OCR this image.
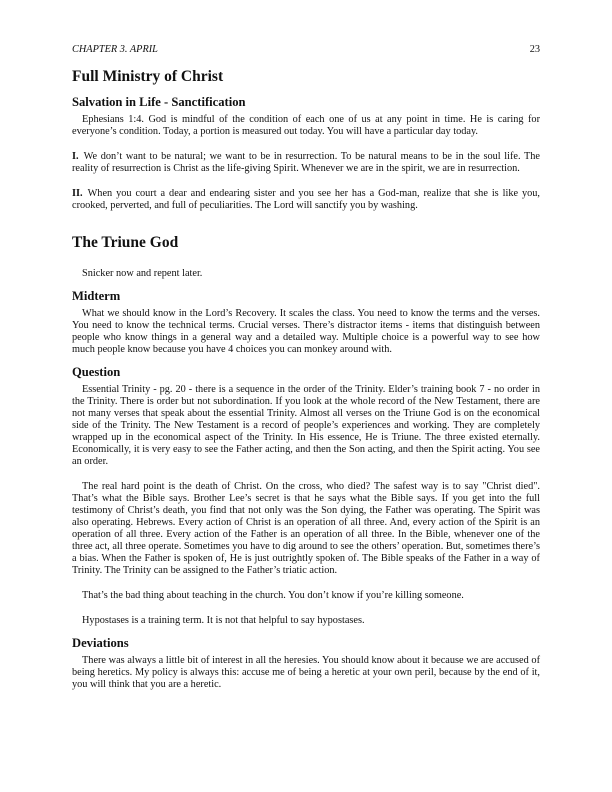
CHAPTER 3. APRIL	23
Full Ministry of Christ
Salvation in Life - Sanctification

Ephesians 1:4. God is mindful of the condition of each one of us at any point in time. He is caring for everyone’s condition. Today, a portion is measured out today. You will have a particular day today.

I. We don’t want to be natural; we want to be in resurrection. To be natural means to be in the soul life. The reality of resurrection is Christ as the life-giving Spirit. Whenever we are in the spirit, we are in resurrection.

II. When you court a dear and endearing sister and you see her has a God-man, realize that she is like you, crooked, perverted, and full of peculiarities. The Lord will sanctify you by washing.

The Triune God

Snicker now and repent later.

Midterm

What we should know in the Lord’s Recovery. It scales the class. You need to know the terms and the verses. You need to know the technical terms. Crucial verses. There’s distractor items - items that distinguish between people who know things in a general way and a detailed way. Multiple choice is a powerful way to see how much people know because you have 4 choices you can monkey around with.

Question

Essential Trinity - pg. 20 - there is a sequence in the order of the Trinity. Elder’s training book 7 - no order in the Trinity. There is order but not subordination. If you look at the whole record of the New Testament, there are not many verses that speak about the essential Trinity. Almost all verses on the Triune God is on the economical side of the Trinity. The New Testament is a record of people’s experiences and working. They are completely wrapped up in the economical aspect of the Trinity. In His essence, He is Triune. The three existed eternally. Economically, it is very easy to see the Father acting, and then the Son acting, and then the Spirit acting. You see an order.

The real hard point is the death of Christ. On the cross, who died? The safest way is to say "Christ died". That’s what the Bible says. Brother Lee’s secret is that he says what the Bible says. If you get into the full testimony of Christ’s death, you find that not only was the Son dying, the Father was operating. The Spirit was also operating. Hebrews. Every action of Christ is an operation of all three. And, every action of the Spirit is an operation of all three. Every action of the Father is an operation of all three. In the Bible, whenever one of the three act, all three operate. Sometimes you have to dig around to see the others’ operation. But, sometimes there’s a bias. When the Father is spoken of, He is just outrightly spoken of. The Bible speaks of the Father in a way of Trinity. The Trinity can be assigned to the Father’s triatic action.

That’s the bad thing about teaching in the church. You don’t know if you’re killing someone.

Hypostases is a training term. It is not that helpful to say hypostases.

Deviations

There was always a little bit of interest in all the heresies. You should know about it because we are accused of being heretics. My policy is always this: accuse me of being a heretic at your own peril, because by the end of it, you will think that you are a heretic.
